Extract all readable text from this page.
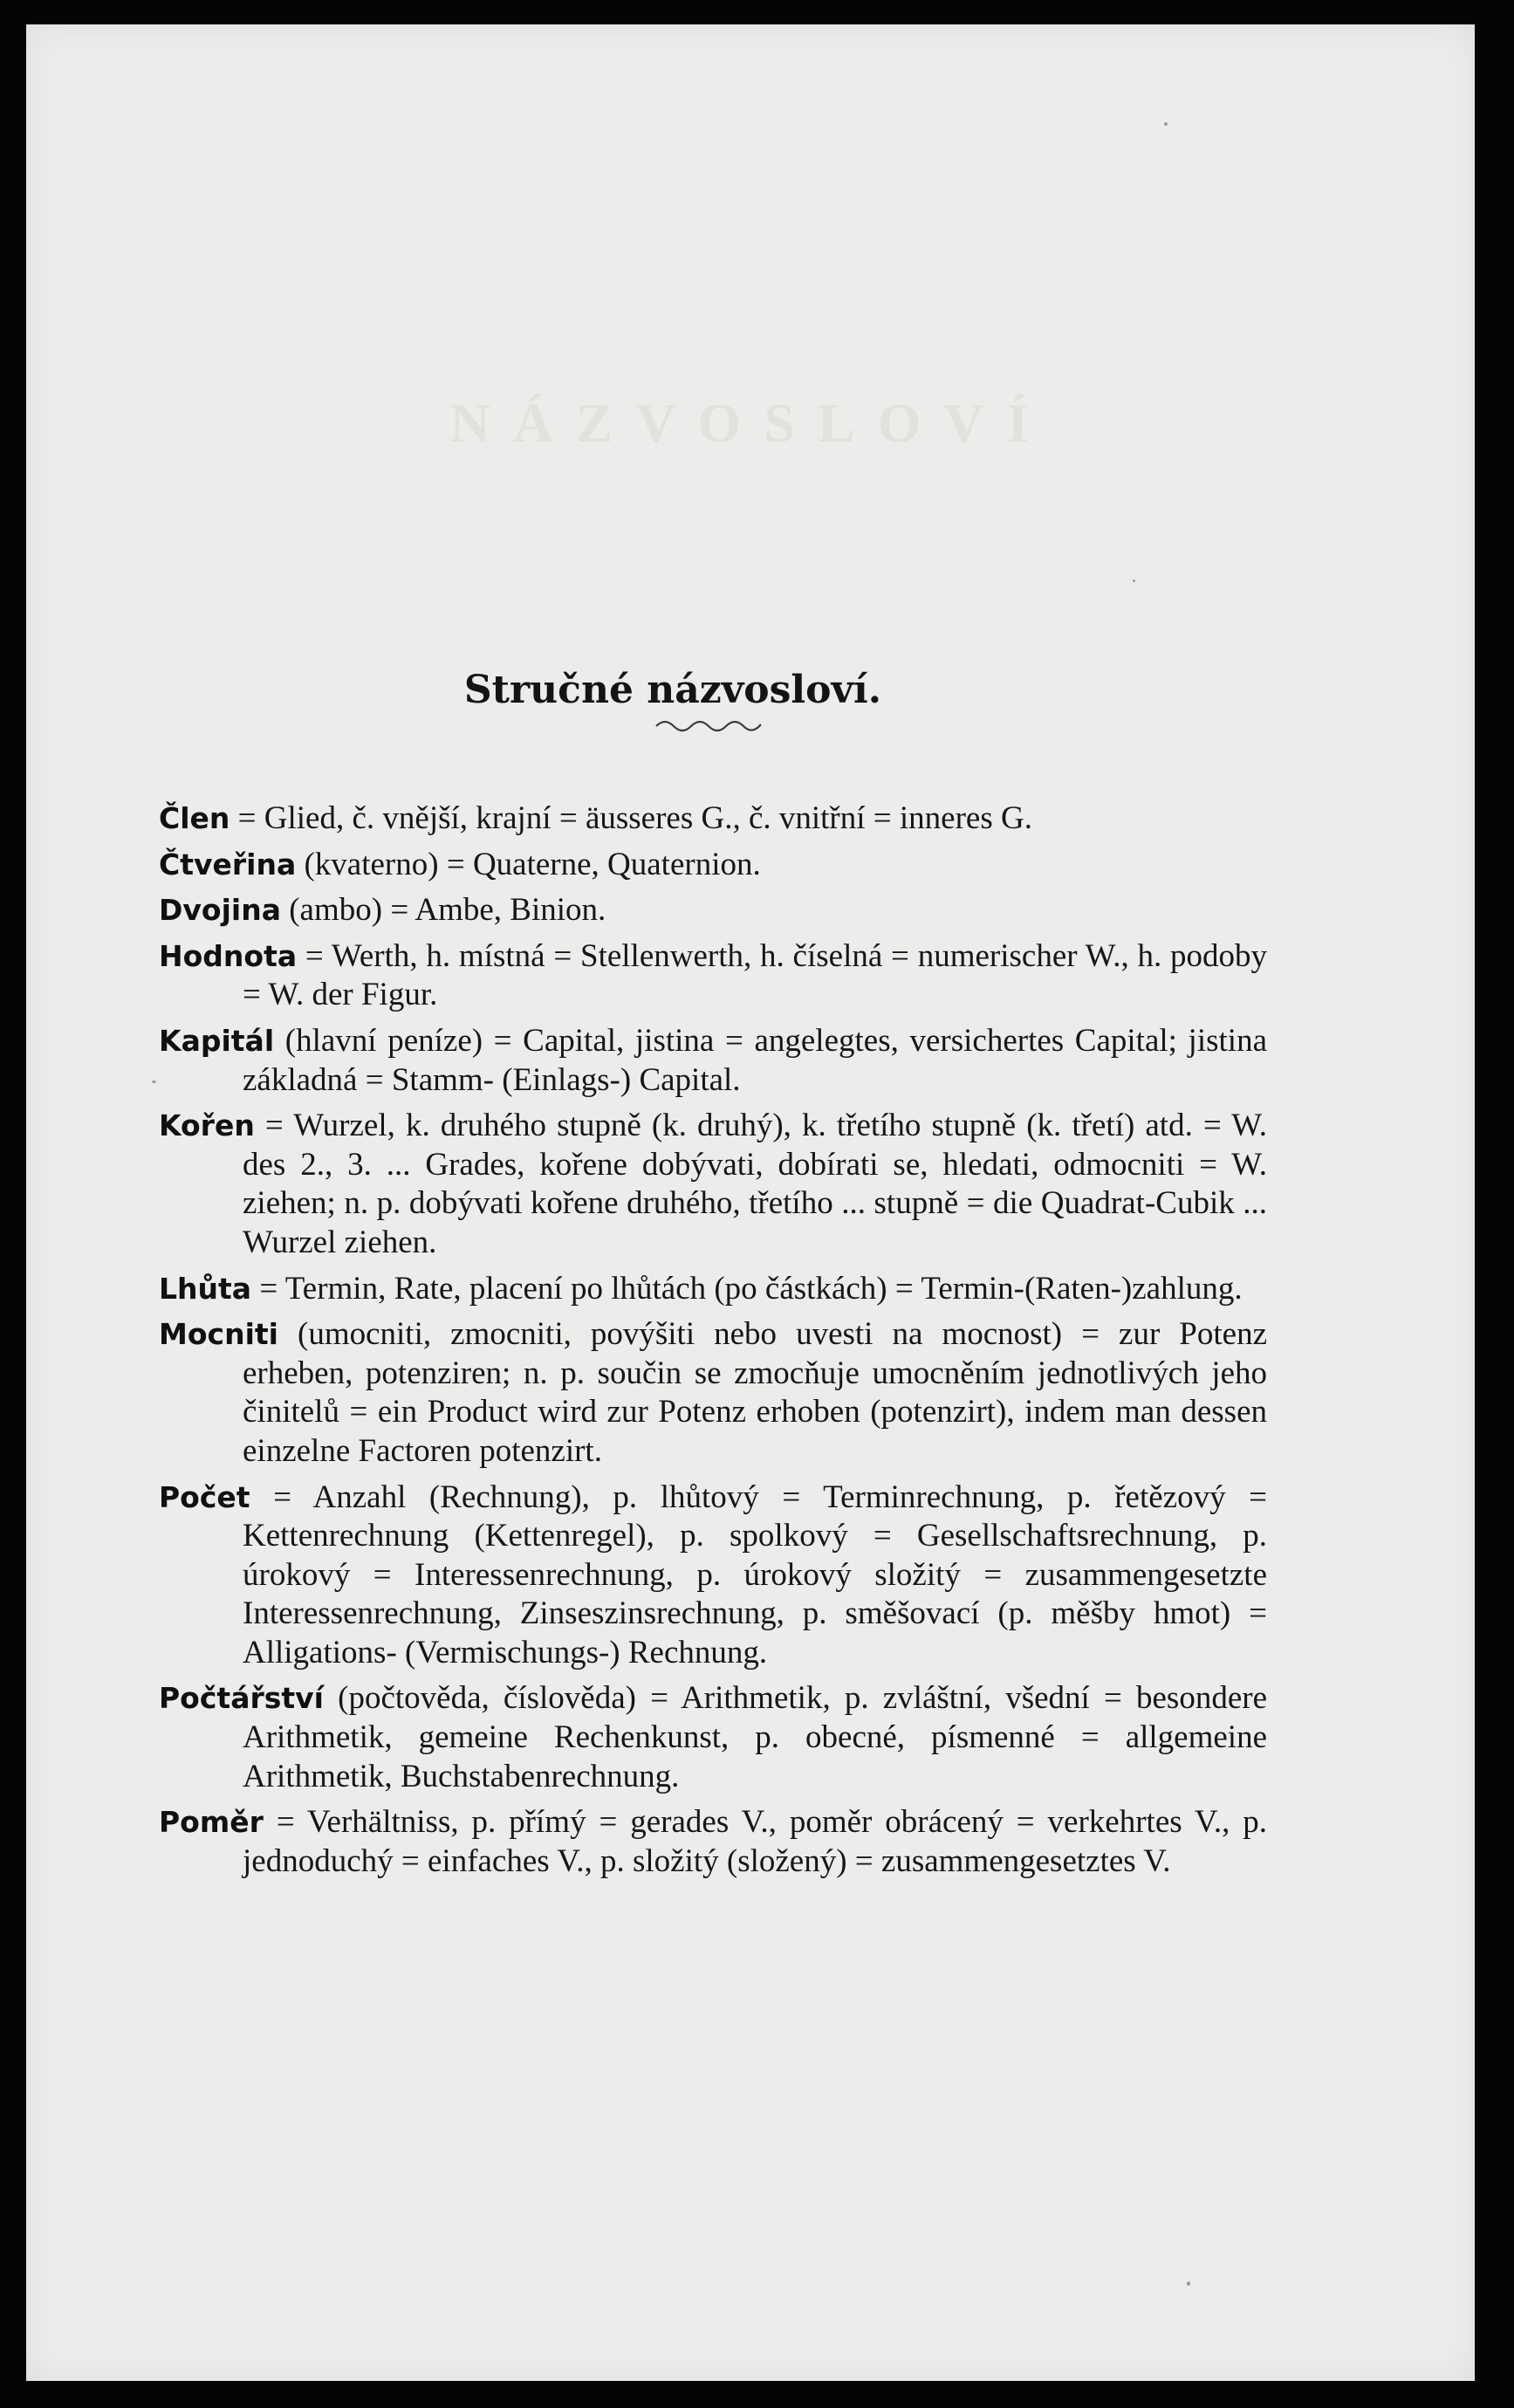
NÁZVOSLOVÍ
Stručné názvosloví.
Člen = Glied, č. vnější, krajní = äusseres G., č. vnitřní = inneres G.
Čtveřina (kvaterno) = Quaterne, Quaternion.
Dvojina (ambo) = Ambe, Binion.
Hodnota = Werth, h. místná = Stellenwerth, h. číselná = numerischer W., h. podoby = W. der Figur.
Kapitál (hlavní peníze) = Capital, jistina = angelegtes, versichertes Capital; jistina základná = Stamm- (Einlags-) Capital.
Kořen = Wurzel, k. druhého stupně (k. druhý), k. třetího stupně (k. třetí) atd. = W. des 2., 3. ... Grades, kořene dobývati, dobírati se, hledati, odmocniti = W. ziehen; n. p. dobývati kořene druhého, třetího ... stupně = die Quadrat-Cubik ... Wurzel ziehen.
Lhůta = Termin, Rate, placení po lhůtách (po částkách) = Termin-(Raten-)zahlung.
Mocniti (umocniti, zmocniti, povýšiti nebo uvesti na mocnost) = zur Potenz erheben, potenziren; n. p. součin se zmocňuje umocněním jednotlivých jeho činitelů = ein Product wird zur Potenz erhoben (potenzirt), indem man dessen einzelne Factoren potenzirt.
Počet = Anzahl (Rechnung), p. lhůtový = Terminrechnung, p. řetězový = Kettenrechnung (Kettenregel), p. spolkový = Gesellschaftsrechnung, p. úrokový = Interessenrechnung, p. úrokový složitý = zusammengesetzte Interessenrechnung, Zinseszinsrechnung, p. směšovací (p. měšby hmot) = Alligations- (Vermischungs-) Rechnung.
Počtářství (počtověda, číslověda) = Arithmetik, p. zvláštní, všední = besondere Arithmetik, gemeine Rechenkunst, p. obecné, písmenné = allgemeine Arithmetik, Buchstabenrechnung.
Poměr = Verhältniss, p. přímý = gerades V., poměr obrácený = verkehrtes V., p. jednoduchý = einfaches V., p. složitý (složený) = zusammengesetztes V.
